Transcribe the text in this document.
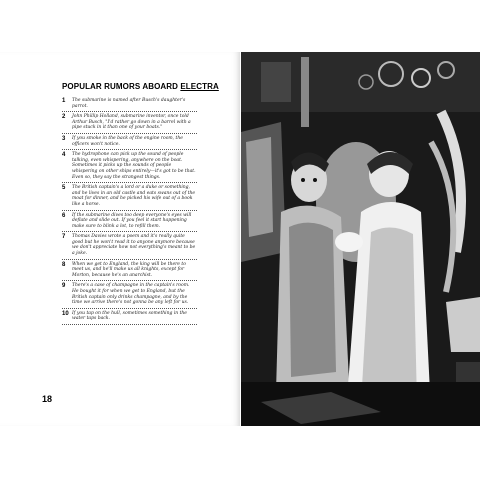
POPULAR RUMORS ABOARD ELECTRA
1	The submarine is named after Busch's daughter's parrot.
2	John Phillip Holland, submarine inventor, once told Arthur Busch, "I'd rather go down in a barrel with a pipe stuck in it than one of your boats."
3	If you smoke in the back of the engine room, the officers won't notice.
4	The hydrophone can pick up the sound of people talking, even whispering, anywhere on the boat. Sometimes it picks up the sounds of people whispering on other ships entirely—it's got to be that. Even so, they say the strangest things.
5	The British captain's a lord or a duke or something, and he lives in an old castle and eats swans out of the moat for dinner, and he picked his wife out of a book like a horse.
6	If the submarine dives too deep everyone's eyes will deflate and slide out. If you feel it start happening make sure to blink a lot, to refill them.
7	Thomas Davies wrote a poem and it's really quite good but he won't read it to anyone anymore because we don't appreciate how not everything's meant to be a joke.
8	When we get to England, the king will be there to meet us, and he'll make us all knights, except for Morton, because he's an anarchist.
9	There's a case of champagne in the captain's room. He bought it for when we get to England, but the British captain only drinks champagne, and by the time we arrive there's not gonna be any left for us.
10 If you tap on the hull, sometimes something in the water taps back.
18
